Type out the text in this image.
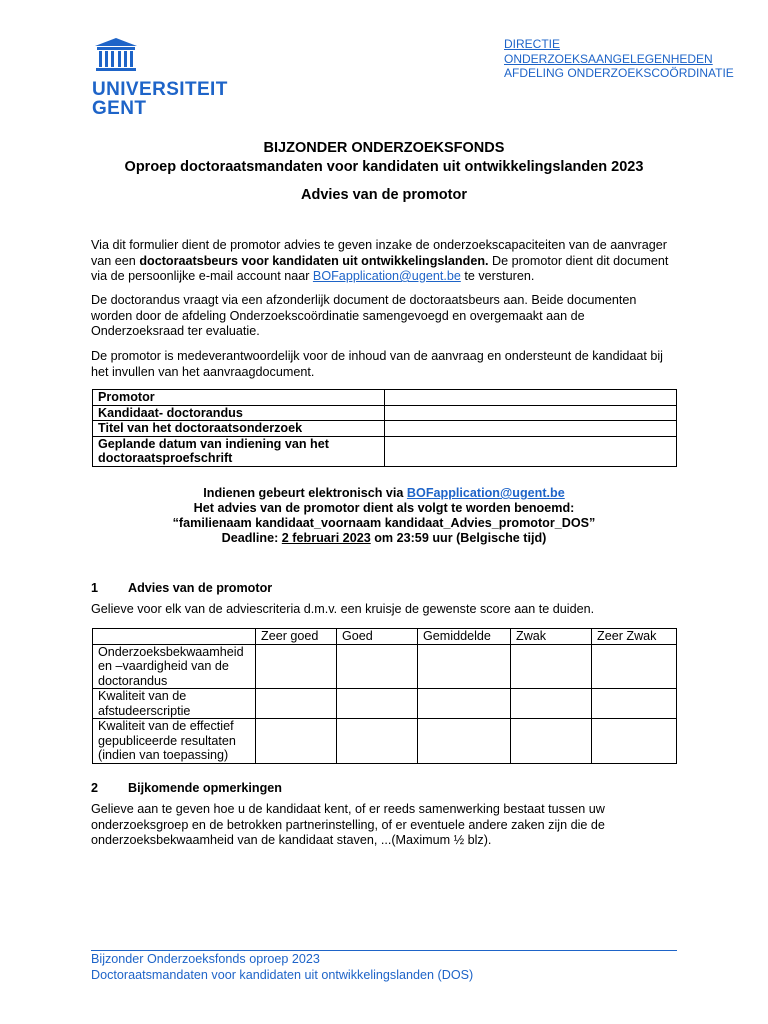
UNIVERSITEIT
GENT
DIRECTIE
ONDERZOEKSAANGELEGENHEDEN
AFDELING ONDERZOEKSCOÖRDINATIE
BIJZONDER ONDERZOEKSFONDS
Oproep doctoraatsmandaten voor kandidaten uit ontwikkelingslanden 2023
Advies van de promotor
Via dit formulier dient de promotor advies te geven inzake de onderzoekscapaciteiten van de aanvrager van een doctoraatsbeurs voor kandidaten uit ontwikkelingslanden. De promotor dient dit document via de persoonlijke e-mail account naar BOFapplication@ugent.be te versturen.
De doctorandus vraagt via een afzonderlijk document de doctoraatsbeurs aan. Beide documenten worden door de afdeling Onderzoekscoördinatie samengevoegd en overgemaakt aan de Onderzoeksraad ter evaluatie.
De promotor is medeverantwoordelijk voor de inhoud van de aanvraag en ondersteunt de kandidaat bij het invullen van het aanvraagdocument.
Promotor	
Kandidaat- doctorandus	
Titel van het doctoraatsonderzoek	
Geplande datum van indiening van het doctoraatsproefschrift	
Indienen gebeurt elektronisch via BOFapplication@ugent.be
Het advies van de promotor dient als volgt te worden benoemd:
“familienaam kandidaat_voornaam kandidaat_Advies_promotor_DOS”
Deadline: 2 februari 2023 om 23:59 uur (Belgische tijd)
1 Advies van de promotor
Gelieve voor elk van de adviescriteria d.m.v. een kruisje de gewenste score aan te duiden.
	Zeer goed	Goed	Gemiddelde	Zwak	Zeer Zwak
Onderzoeksbekwaamheid en –vaardigheid van de doctorandus					
Kwaliteit van de afstudeerscriptie					
Kwaliteit van de effectief gepubliceerde resultaten (indien van toepassing)					
2 Bijkomende opmerkingen
Gelieve aan te geven hoe u de kandidaat kent, of er reeds samenwerking bestaat tussen uw onderzoeksgroep en de betrokken partnerinstelling, of er eventuele andere zaken zijn die de onderzoeksbekwaamheid van de kandidaat staven, ...(Maximum ½ blz).
Bijzonder Onderzoeksfonds oproep 2023
Doctoraatsmandaten voor kandidaten uit ontwikkelingslanden (DOS)
